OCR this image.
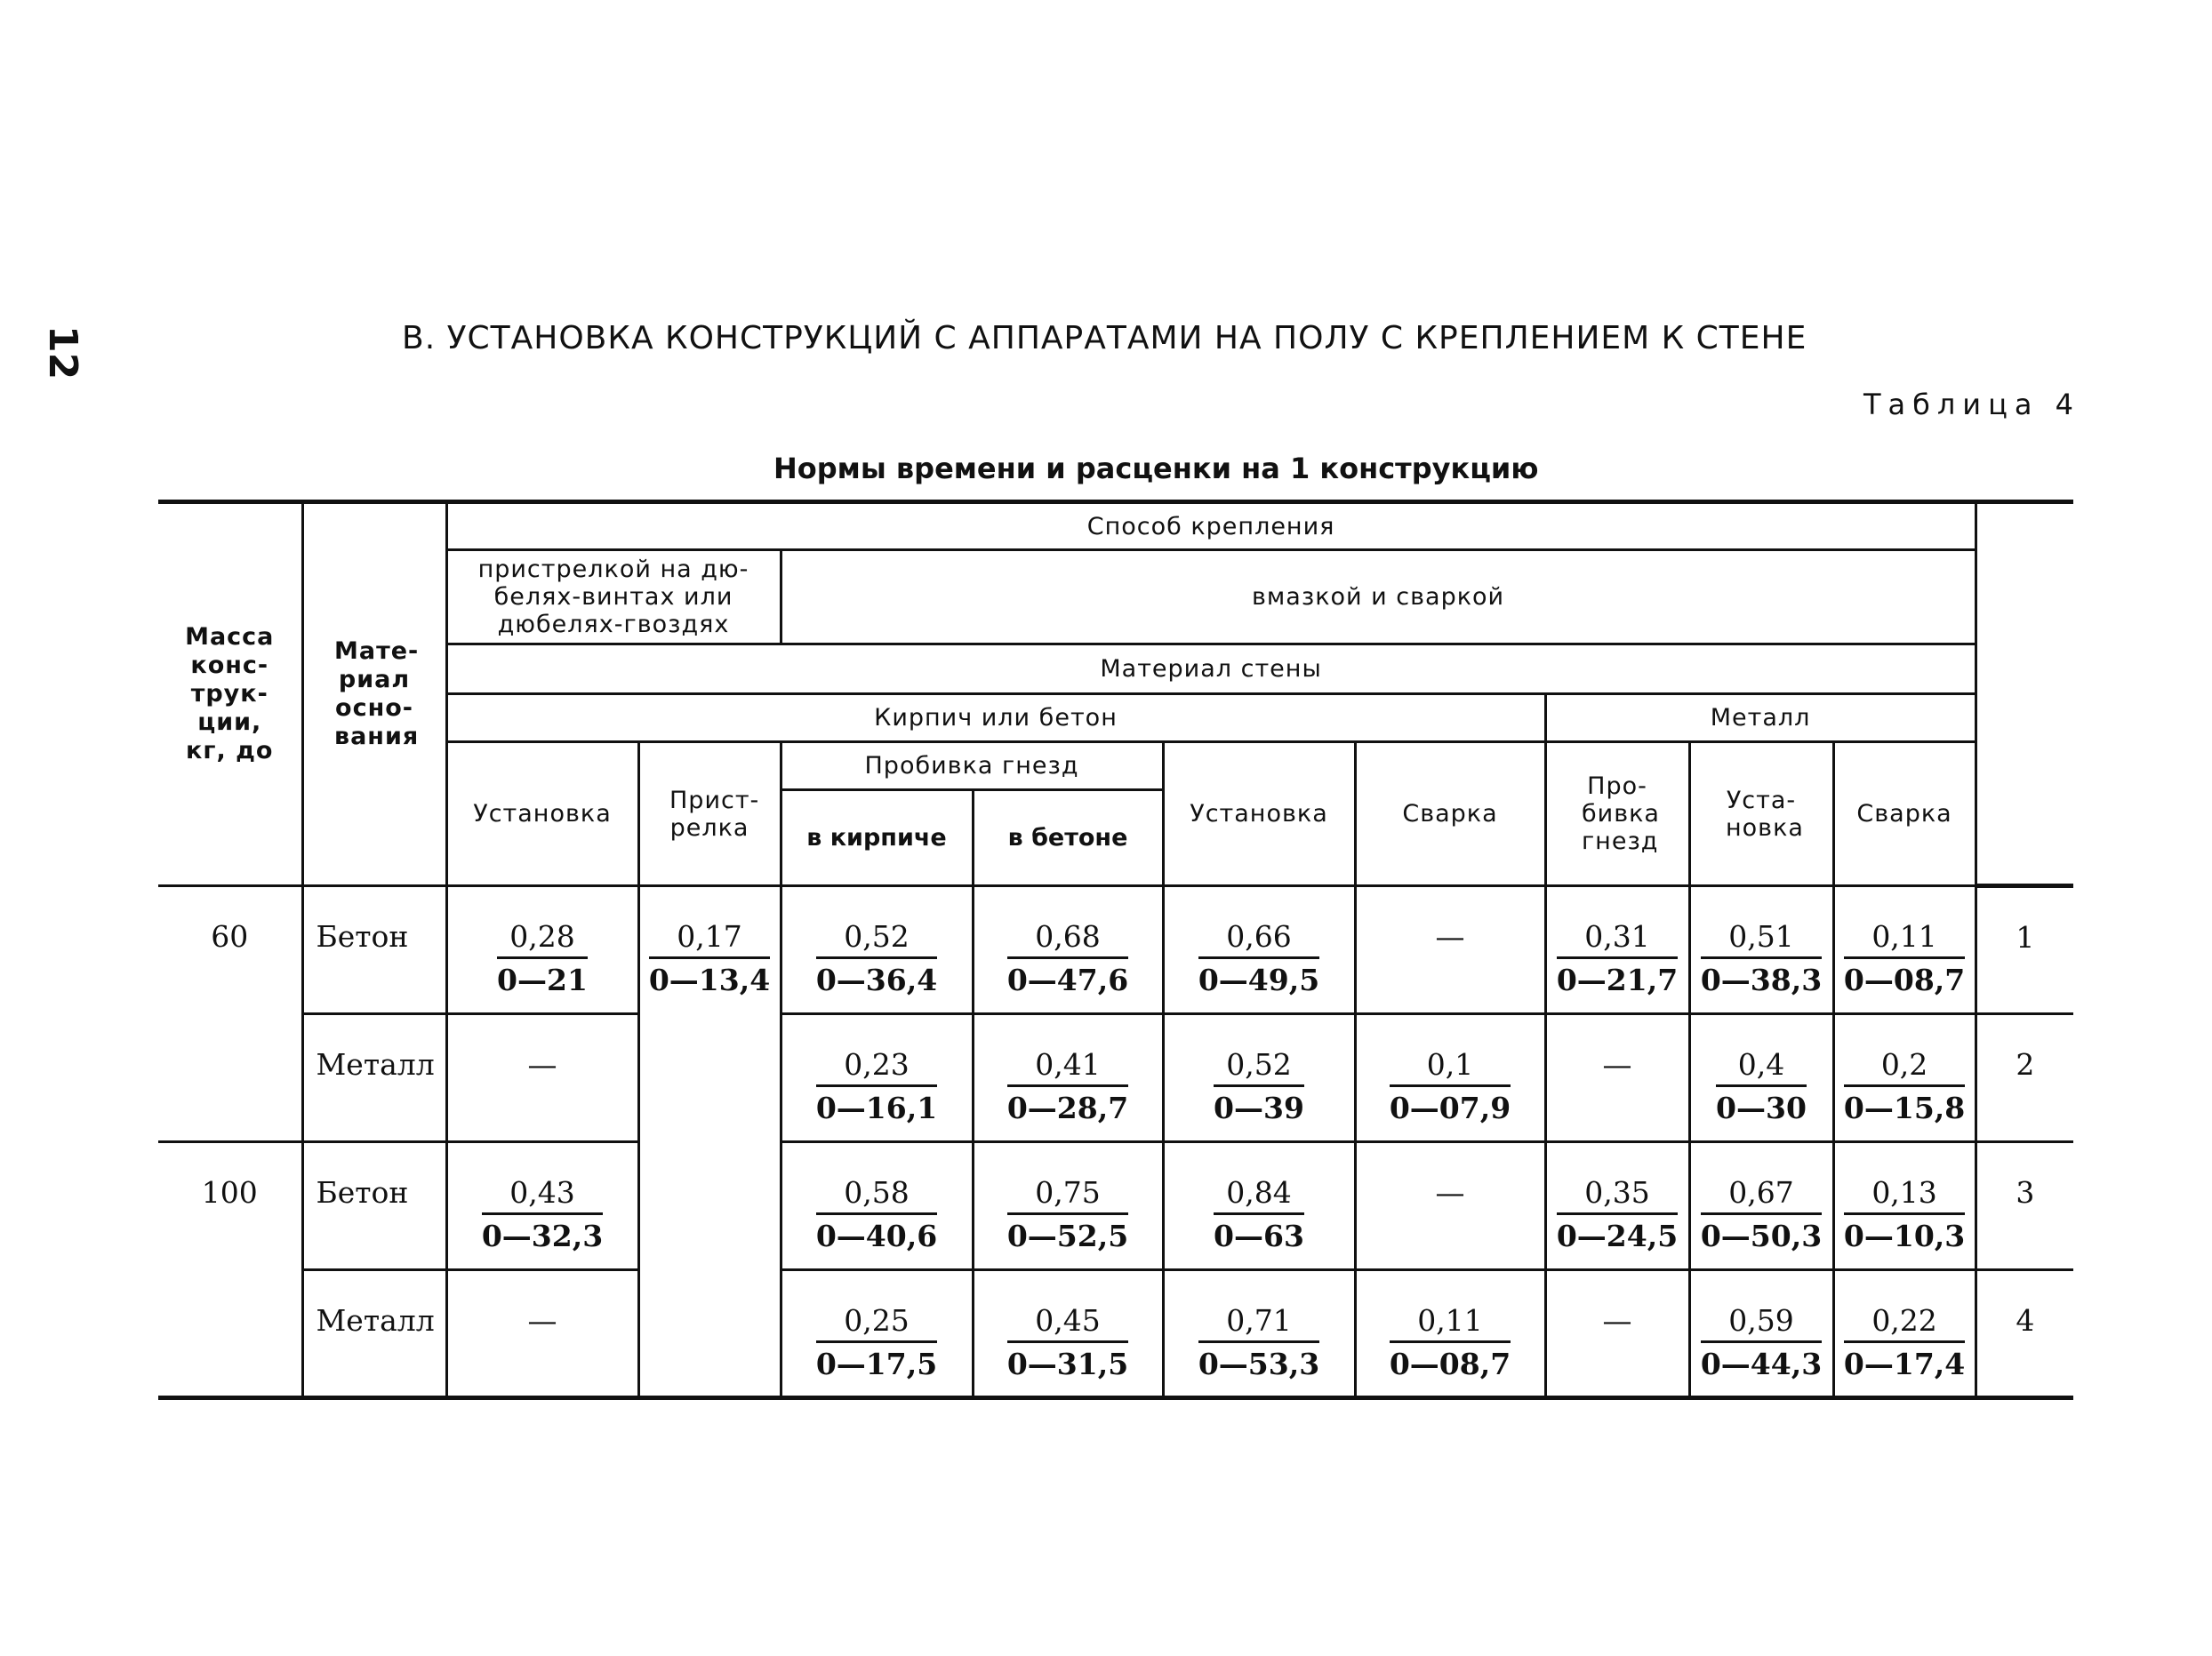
12	В. УСТАНОВКА КОНСТРУКЦИЙ С АППАРАТАМИ НА ПОЛУ С КРЕПЛЕНИЕМ К СТЕНЕ
Таблица 4
Нормы времени и расценки на 1 конструкцию
Масса конс-трук-ции, кг, до	Мате-риал осно-вания	Способ крепления									

		пристрелкой на дю-белях-винтах или дюбелях-гвоздях		вмазкой и сваркой							
		Материал стены									
		Кирпич или бетон						Металл			
		Установка	Прист-релка	Пробивка гнезд		Установка	Сварка	Про-бивка гнезд	Уста-новка	Сварка	
				в кирпиче	в бетоне						
60	Бетон	$\frac{0,28}{0—21}$	$\frac{0,17}{0—13,4}$	$\frac{0,52}{0—36,4}$	$\frac{0,68}{0—47,6}$	$\frac{0,66}{0—49,5}$	—	$\frac{0,31}{0—21,7}$	$\frac{0,51}{0—38,3}$	$\frac{0,11}{0—08,7}$	1
	Металл	—		$\frac{0,23}{0—16,1}$	$\frac{0,41}{0—28,7}$	$\frac{0,52}{0—39}$	$\frac{0,1}{0—07,9}$	—	$\frac{0,4}{0—30}$	$\frac{0,2}{0—15,8}$	2
100	Бетон	$\frac{0,43}{0—32,3}$		$\frac{0,58}{0—40,6}$	$\frac{0,75}{0—52,5}$	$\frac{0,84}{0—63}$	—	$\frac{0,35}{0—24,5}$	$\frac{0,67}{0—50,3}$	$\frac{0,13}{0—10,3}$	3
	Металл	—		$\frac{0,25}{0—17,5}$	$\frac{0,45}{0—31,5}$	$\frac{0,71}{0—53,3}$	$\frac{0,11}{0—08,7}$	—	$\frac{0,59}{0—44,3}$	$\frac{0,22}{0—17,4}$	4
